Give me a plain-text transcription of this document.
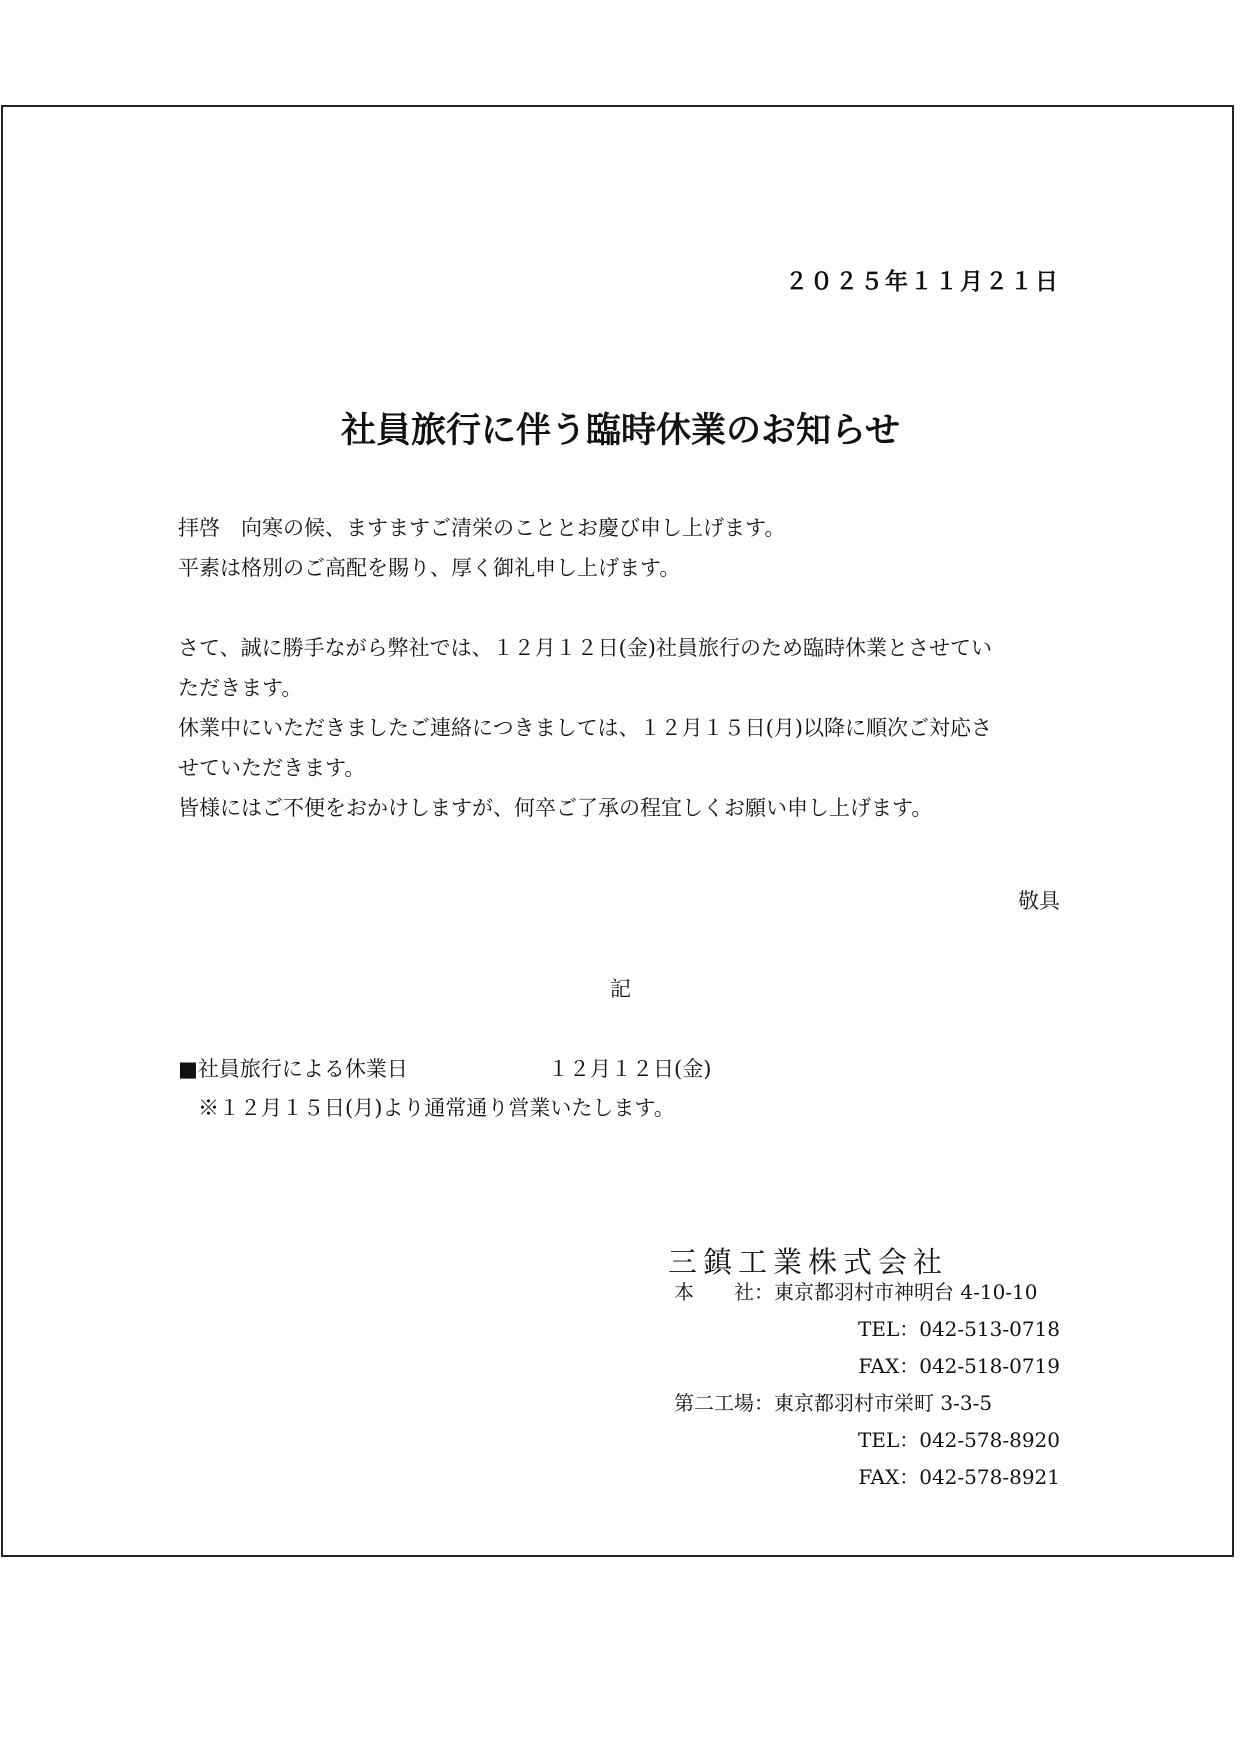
２０２５年１１月２１日
社員旅行に伴う臨時休業のお知らせ

拝啓　向寒の候、ますますご清栄のこととお慶び申し上げます。

平素は格別のご高配を賜り、厚く御礼申し上げます。

さて、誠に勝手ながら弊社では、１２月１２日(金)社員旅行のため臨時休業とさせてい

ただきます。

休業中にいただきましたご連絡につきましては、１２月１５日(月)以降に順次ご対応さ

せていただきます。

皆様にはご不便をおかけしますが、何卒ご了承の程宜しくお願い申し上げます。

敬具
記
■社員旅行による休業日	１２月１２日(金)
※１２月１５日(月)より通常通り営業いたします。
三鎮工業株式会社
本　　社：東京都羽村市神明台 4-10-10
TEL：042-513-0718
FAX：042-518-0719
第二工場：東京都羽村市栄町 3-3-5
TEL：042-578-8920
FAX：042-578-8921
